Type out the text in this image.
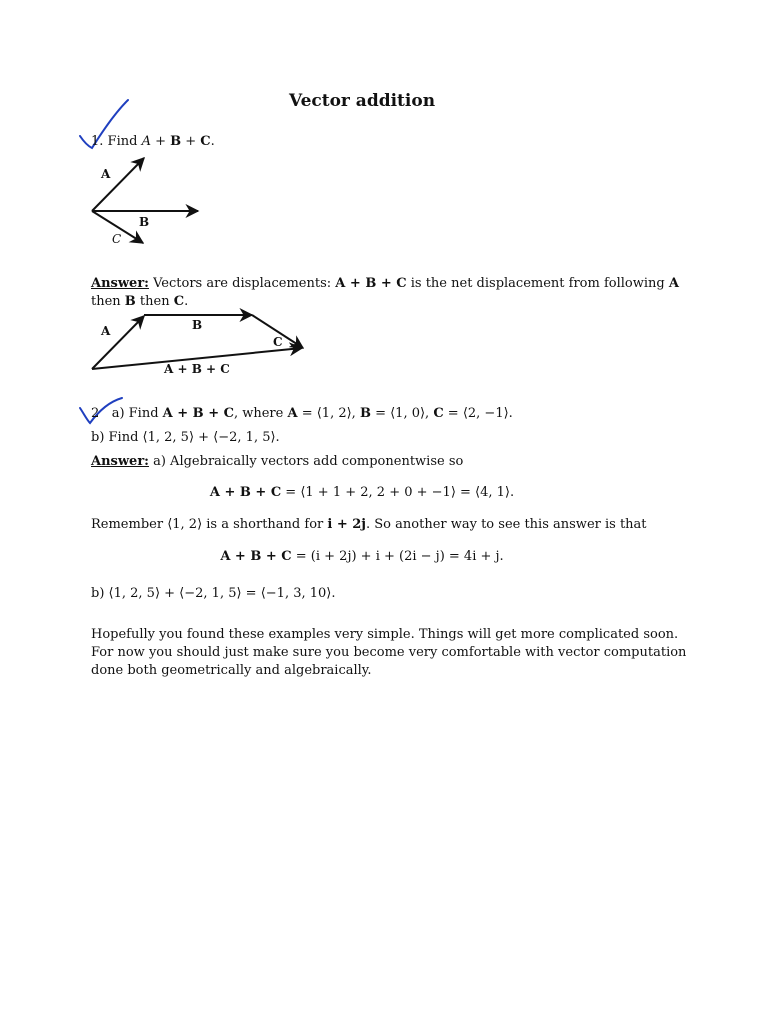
Vector addition
1. Find A + B + C.
A
B
C
Answer: Vectors are displacements: A + B + C is the net displacement from following A
then B then C.
A	B
C
A + B + C
2 a) Find A + B + C, where A = ⟨1, 2⟩, B = ⟨1, 0⟩, C = ⟨2, −1⟩.
b) Find ⟨1, 2, 5⟩ + ⟨−2, 1, 5⟩.
Answer: a) Algebraically vectors add componentwise so
A + B + C = ⟨1 + 1 + 2, 2 + 0 + −1⟩ = ⟨4, 1⟩.
Remember ⟨1, 2⟩ is a shorthand for i + 2j. So another way to see this answer is that
A + B + C = (i + 2j) + i + (2i − j) = 4i + j.
b) ⟨1, 2, 5⟩ + ⟨−2, 1, 5⟩ = ⟨−1, 3, 10⟩.
Hopefully you found these examples very simple. Things will get more complicated soon.
For now you should just make sure you become very comfortable with vector computation
done both geometrically and algebraically.
